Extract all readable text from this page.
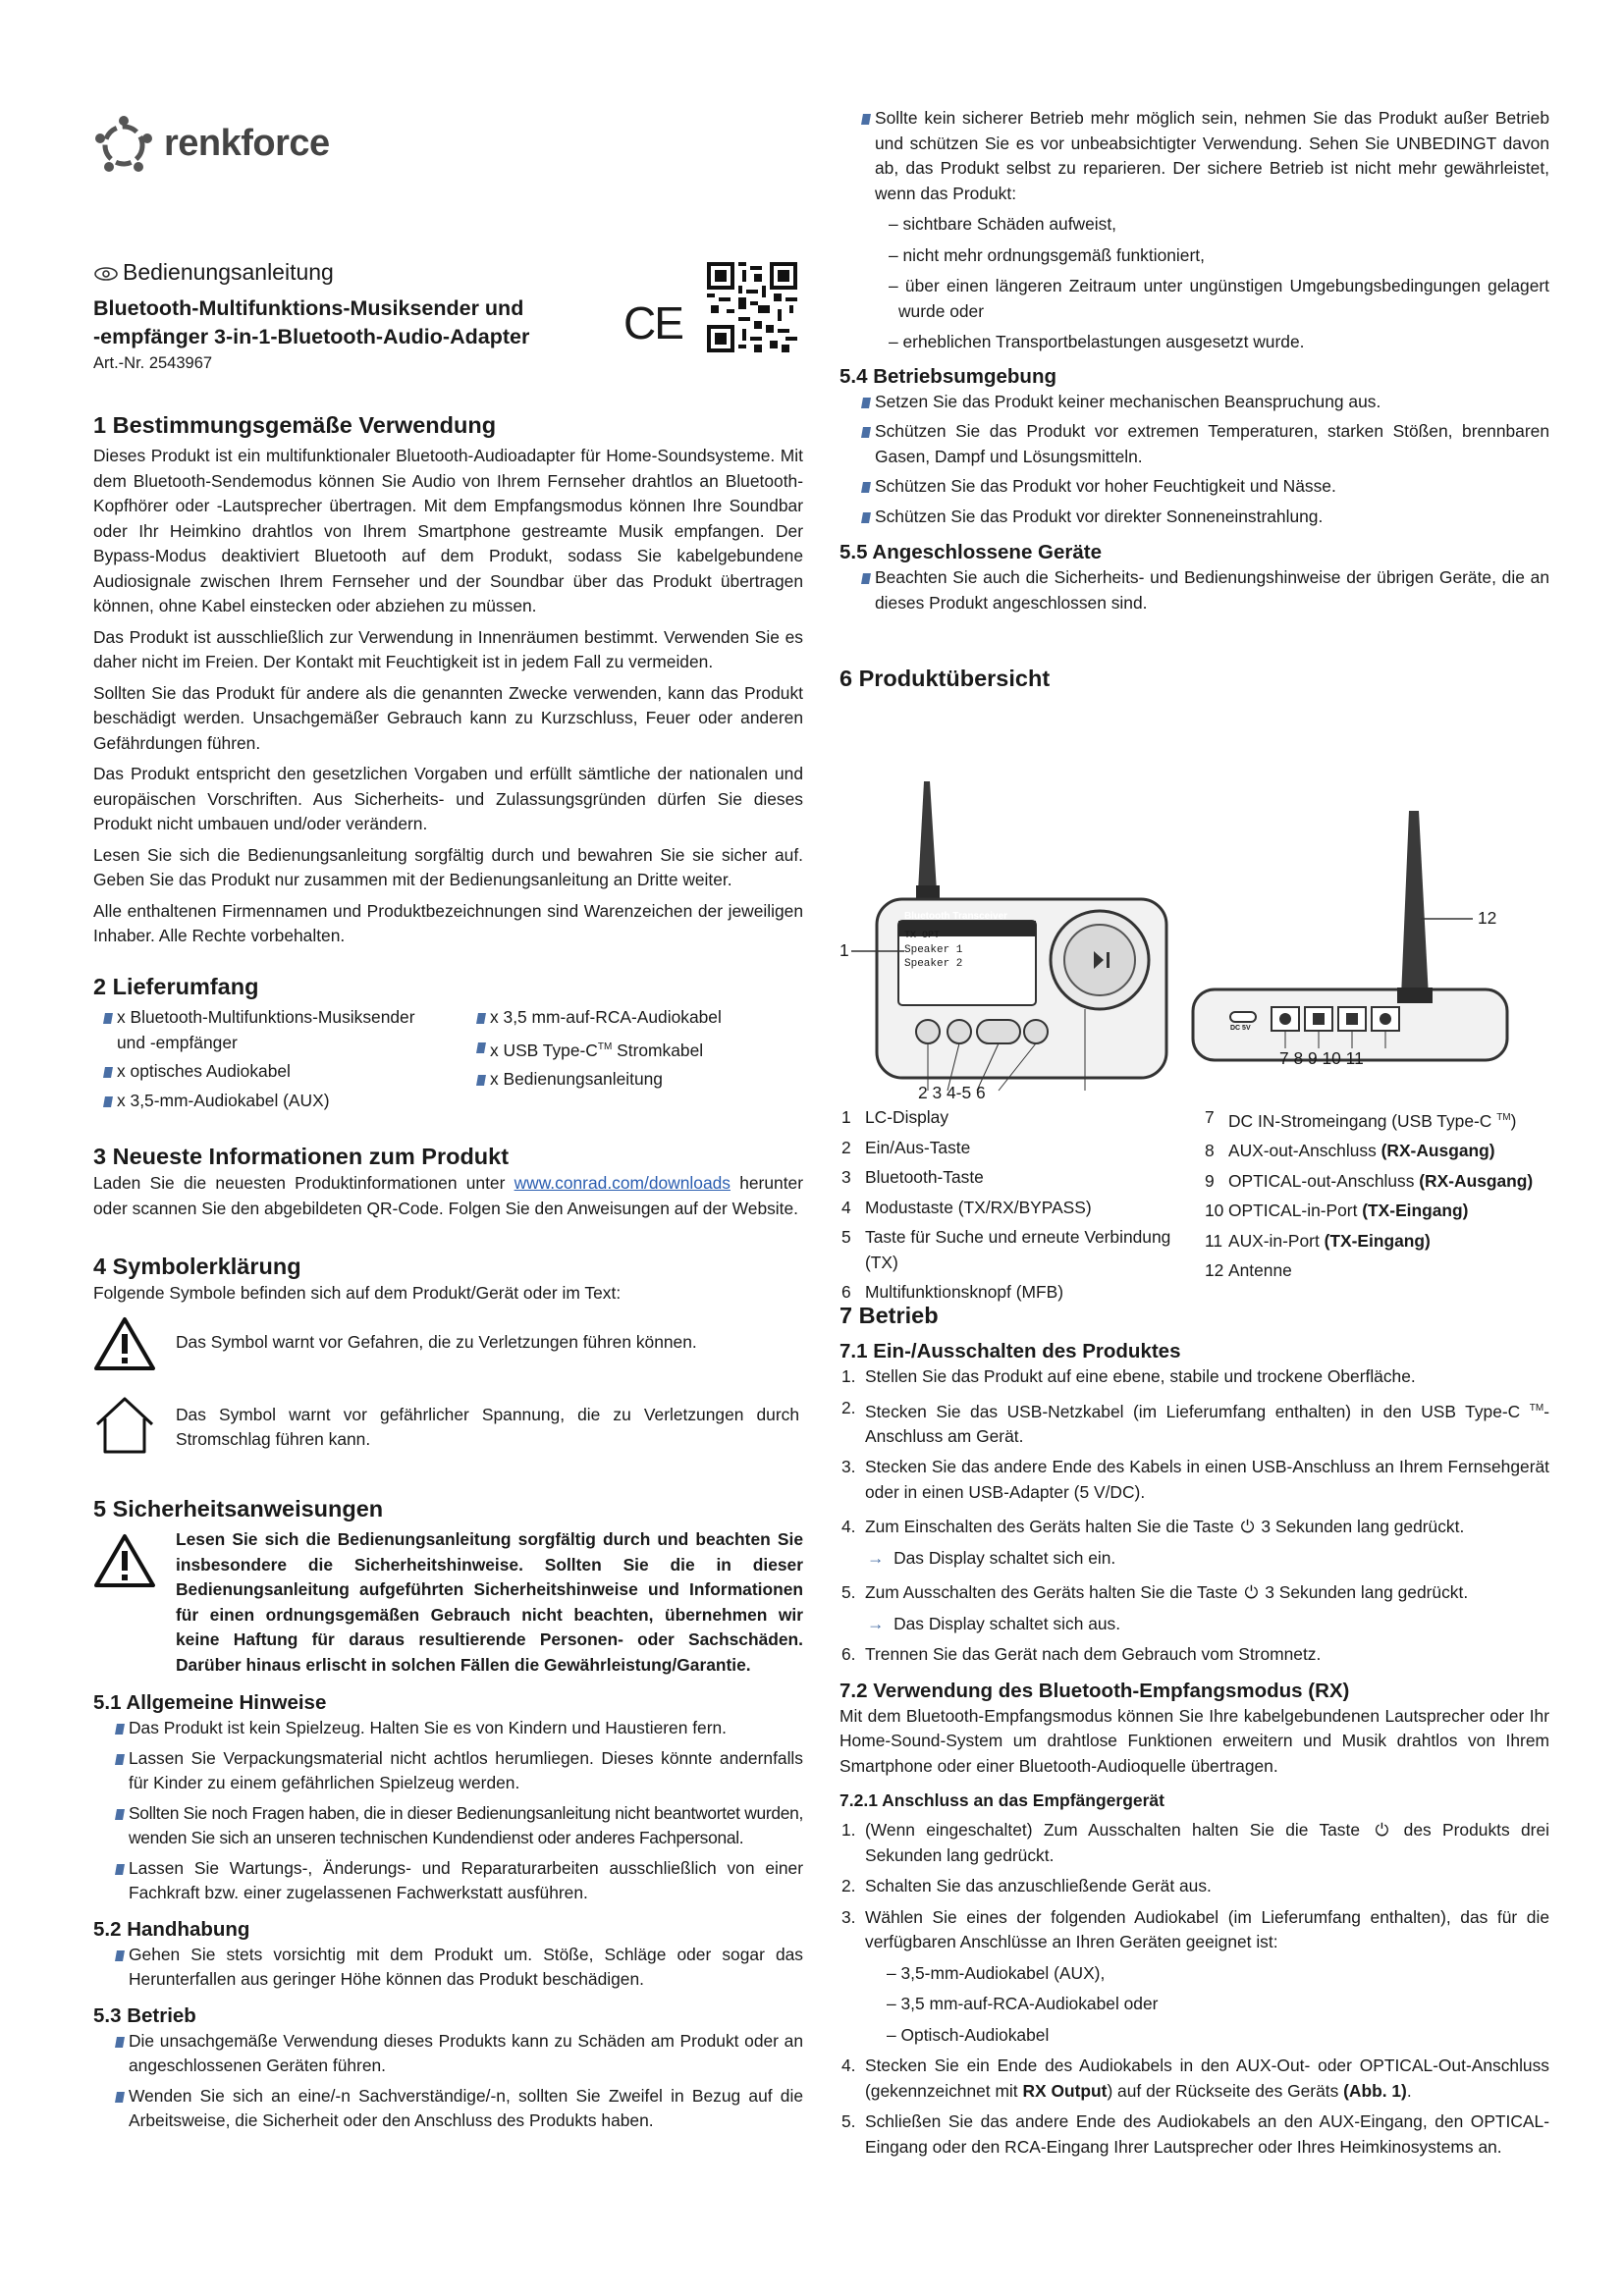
renkforce
Bedienungsanleitung
Bluetooth-Multifunktions-Musiksender und
-empfänger 3-in-1-Bluetooth-Audio-Adapter
Art.-Nr. 2543967
CE
1 Bestimmungsgemäße Verwendung

Dieses Produkt ist ein multifunktionaler Bluetooth-Audioadapter für Home-Soundsysteme. Mit dem Bluetooth-Sendemodus können Sie Audio von Ihrem Fernseher drahtlos an Bluetooth-Kopfhörer oder -Lautsprecher übertragen. Mit dem Empfangsmodus können Ihre Soundbar oder Ihr Heimkino drahtlos von Ihrem Smartphone gestreamte Musik empfangen. Der Bypass-Modus deaktiviert Bluetooth auf dem Produkt, sodass Sie kabelgebundene Audiosignale zwischen Ihrem Fernseher und der Soundbar über das Produkt übertragen können, ohne Kabel einstecken oder abziehen zu müssen.

Das Produkt ist ausschließlich zur Verwendung in Innenräumen bestimmt. Verwenden Sie es daher nicht im Freien. Der Kontakt mit Feuchtigkeit ist in jedem Fall zu vermeiden.

Sollten Sie das Produkt für andere als die genannten Zwecke verwenden, kann das Produkt beschädigt werden. Unsachgemäßer Gebrauch kann zu Kurzschluss, Feuer oder anderen Gefährdungen führen.

Das Produkt entspricht den gesetzlichen Vorgaben und erfüllt sämtliche der nationalen und europäischen Vorschriften. Aus Sicherheits- und Zulassungsgründen dürfen Sie dieses Produkt nicht umbauen und/oder verändern.

Lesen Sie sich die Bedienungsanleitung sorgfältig durch und bewahren Sie sie sicher auf. Geben Sie das Produkt nur zusammen mit der Bedienungsanleitung an Dritte weiter.

Alle enthaltenen Firmennamen und Produktbezeichnungen sind Warenzeichen der jeweiligen Inhaber. Alle Rechte vorbehalten.

2 Lieferumfang
x Bluetooth-Multifunktions-Musiksender und -empfänger
x optisches Audiokabel
x 3,5-mm-Audiokabel (AUX)
x 3,5 mm-auf-RCA-Audiokabel
x USB Type-C™ Stromkabel
x Bedienungsanleitung
3 Neueste Informationen zum Produkt

Laden Sie die neuesten Produktinformationen unter www.conrad.com/downloads herunter oder scannen Sie den abgebildeten QR-Code. Folgen Sie den Anweisungen auf der Website.

4 Symbolerklärung

Folgende Symbole befinden sich auf dem Produkt/Gerät oder im Text:

Das Symbol warnt vor Gefahren, die zu Verletzungen führen können.

Das Symbol warnt vor gefährlicher Spannung, die zu Verletzungen durch Stromschlag führen kann.

5 Sicherheitsanweisungen

Lesen Sie sich die Bedienungsanleitung sorgfältig durch und beachten Sie insbesondere die Sicherheitshinweise. Sollten Sie die in dieser Bedienungsanleitung aufgeführten Sicherheitshinweise und Informationen für einen ordnungsgemäßen Gebrauch nicht beachten, übernehmen wir keine Haftung für daraus resultierende Personen- oder Sachschäden. Darüber hinaus erlischt in solchen Fällen die Gewährleistung/Garantie.

5.1 Allgemeine Hinweise

Das Produkt ist kein Spielzeug. Halten Sie es von Kindern und Haustieren fern.

Lassen Sie Verpackungsmaterial nicht achtlos herumliegen. Dieses könnte andernfalls für Kinder zu einem gefährlichen Spielzeug werden.

Sollten Sie noch Fragen haben, die in dieser Bedienungsanleitung nicht beantwortet wurden, wenden Sie sich an unseren technischen Kundendienst oder anderes Fachpersonal.

Lassen Sie Wartungs-, Änderungs- und Reparaturarbeiten ausschließlich von einer Fachkraft bzw. einer zugelassenen Fachwerkstatt ausführen.

5.2 Handhabung

Gehen Sie stets vorsichtig mit dem Produkt um. Stöße, Schläge oder sogar das Herunterfallen aus geringer Höhe können das Produkt beschädigen.

5.3 Betrieb

Die unsachgemäße Verwendung dieses Produkts kann zu Schäden am Produkt oder an angeschlossenen Geräten führen.

Wenden Sie sich an eine/-n Sachverständige/-n, sollten Sie Zweifel in Bezug auf die Arbeitsweise, die Sicherheit oder den Anschluss des Produkts haben.

Sollte kein sicherer Betrieb mehr möglich sein, nehmen Sie das Produkt außer Betrieb und schützen Sie es vor unbeabsichtigter Verwendung. Sehen Sie UNBEDINGT davon ab, das Produkt selbst zu reparieren. Der sichere Betrieb ist nicht mehr gewährleistet, wenn das Produkt:

– sichtbare Schäden aufweist,

– nicht mehr ordnungsgemäß funktioniert,

– über einen längeren Zeitraum unter ungünstigen Umgebungsbedingungen gelagert wurde oder

– erheblichen Transportbelastungen ausgesetzt wurde.

5.4 Betriebsumgebung

Setzen Sie das Produkt keiner mechanischen Beanspruchung aus.

Schützen Sie das Produkt vor extremen Temperaturen, starken Stößen, brennbaren Gasen, Dampf und Lösungsmitteln.

Schützen Sie das Produkt vor hoher Feuchtigkeit und Nässe.

Schützen Sie das Produkt vor direkter Sonneneinstrahlung.

5.5 Angeschlossene Geräte

Beachten Sie auch die Sicherheits- und Bedienungshinweise der übrigen Geräte, die an dieses Produkt angeschlossen sind.

6 Produktübersicht
Bluetooth Transceiver
TX OPT
Speaker 1
Speaker 2
DC 5V
1
2 3 4-5 6
12
7 8 9 10 11
1 LC-Display
2 Ein/Aus-Taste
3 Bluetooth-Taste
4 Modustaste (TX/RX/BYPASS)
5 Taste für Suche und erneute Verbindung (TX)
6 Multifunktionsknopf (MFB)
7 DC IN-Stromeingang (USB Type-C ™)
8 AUX-out-Anschluss (RX-Ausgang)
9 OPTICAL-out-Anschluss (RX-Ausgang)
10 OPTICAL-in-Port (TX-Eingang)
11 AUX-in-Port (TX-Eingang)
12 Antenne
7 Betrieb
7.1 Ein-/Ausschalten des Produktes

1. Stellen Sie das Produkt auf eine ebene, stabile und trockene Oberfläche.

2. Stecken Sie das USB-Netzkabel (im Lieferumfang enthalten) in den USB Type-C ™-Anschluss am Gerät.

3. Stecken Sie das andere Ende des Kabels in einen USB-Anschluss an Ihrem Fernsehgerät oder in einen USB-Adapter (5 V/DC).

4. Zum Einschalten des Geräts halten Sie die Taste ⏻ 3 Sekunden lang gedrückt.

→ Das Display schaltet sich ein.

5. Zum Ausschalten des Geräts halten Sie die Taste ⏻ 3 Sekunden lang gedrückt.

→ Das Display schaltet sich aus.

6. Trennen Sie das Gerät nach dem Gebrauch vom Stromnetz.

7.2 Verwendung des Bluetooth-Empfangsmodus (RX)

Mit dem Bluetooth-Empfangsmodus können Sie Ihre kabelgebundenen Lautsprecher oder Ihr Home-Sound-System um drahtlose Funktionen erweitern und Musik drahtlos von Ihrem Smartphone oder einer Bluetooth-Audioquelle übertragen.

7.2.1 Anschluss an das Empfängergerät

1. (Wenn eingeschaltet) Zum Ausschalten halten Sie die Taste ⏻ des Produkts drei Sekunden lang gedrückt.

2. Schalten Sie das anzuschließende Gerät aus.

3. Wählen Sie eines der folgenden Audiokabel (im Lieferumfang enthalten), das für die verfügbaren Anschlüsse an Ihren Geräten geeignet ist:

– 3,5-mm-Audiokabel (AUX),

– 3,5 mm-auf-RCA-Audiokabel oder

– Optisch-Audiokabel

4. Stecken Sie ein Ende des Audiokabels in den AUX-Out- oder OPTICAL-Out-Anschluss (gekennzeichnet mit RX Output) auf der Rückseite des Geräts (Abb. 1).

5. Schließen Sie das andere Ende des Audiokabels an den AUX-Eingang, den OPTICAL-Eingang oder den RCA-Eingang Ihrer Lautsprecher oder Ihres Heimkinosystems an.
